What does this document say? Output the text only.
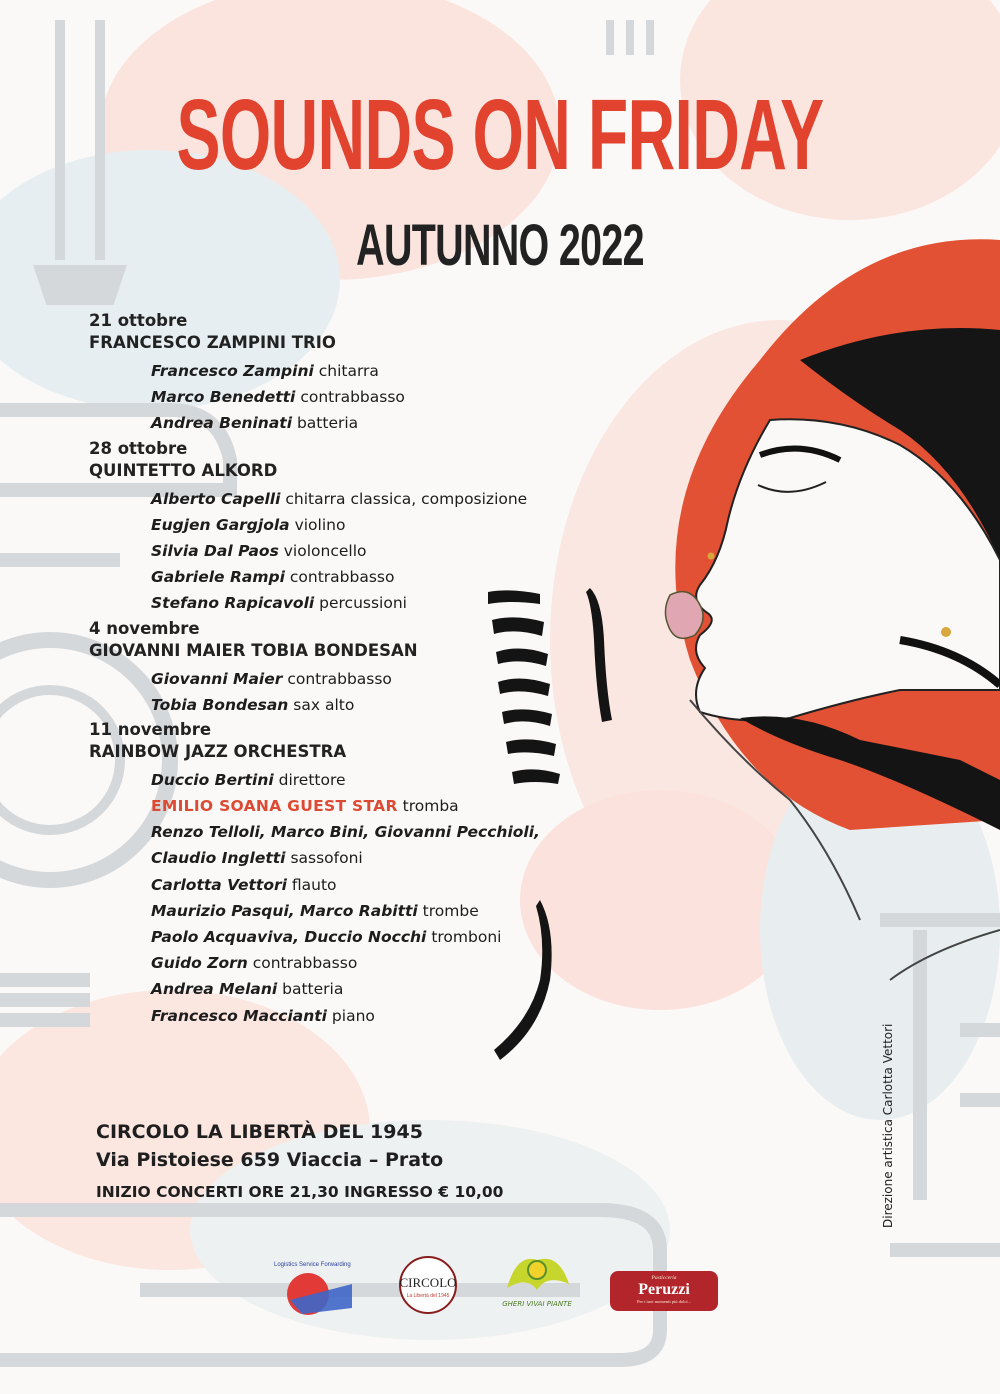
SOUNDS ON FRIDAY
AUTUNNO 2022
21 ottobre
FRANCESCO ZAMPINI TRIO
Francesco Zampini chitarra
Marco Benedetti contrabbasso
Andrea Beninati batteria
28 ottobre
QUINTETTO ALKORD
Alberto Capelli chitarra classica, composizione
Eugjen Gargjola violino
Silvia Dal Paos violoncello
Gabriele Rampi contrabbasso
Stefano Rapicavoli percussioni
4 novembre
GIOVANNI MAIER TOBIA BONDESAN
Giovanni Maier contrabbasso
Tobia Bondesan sax alto
11 novembre
RAINBOW JAZZ ORCHESTRA
Duccio Bertini direttore
EMILIO SOANA GUEST STAR tromba
Renzo Telloli, Marco Bini, Giovanni Pecchioli,
Claudio Ingletti sassofoni
Carlotta Vettori flauto
Maurizio Pasqui, Marco Rabitti trombe
Paolo Acquaviva, Duccio Nocchi tromboni
Guido Zorn contrabbasso
Andrea Melani batteria
Francesco Maccianti piano
CIRCOLO LA LIBERTÀ DEL 1945
Via Pistoiese 659 Viaccia – Prato
INIZIO CONCERTI ORE 21,30 INGRESSO € 10,00	Direzione artistica Carlotta Vettori
Logistics Service Forwarding
CIRCOLO
La Libertà del 1945
GHERI VIVAI PIANTE
Pasticceria
Peruzzi
Per i tuoi momenti più dolci...
